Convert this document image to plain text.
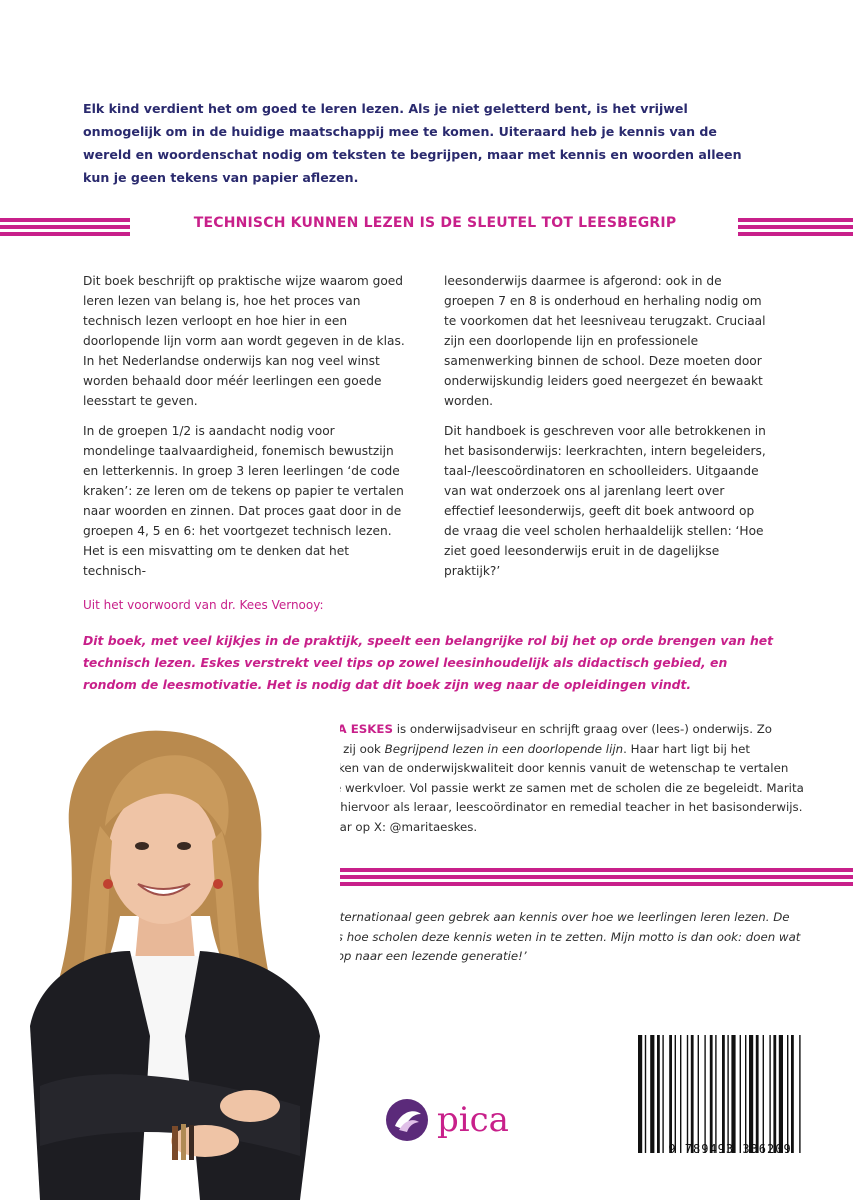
Elk kind verdient het om goed te leren lezen. Als je niet geletterd bent, is het vrijwel onmogelijk om in de huidige maatschappij mee te komen. Uiteraard heb je kennis van de wereld en woordenschat nodig om teksten te begrijpen, maar met kennis en woorden alleen kun je geen tekens van papier aflezen.

TECHNISCH KUNNEN LEZEN IS DE SLEUTEL TOT LEESBEGRIP

Dit boek beschrijft op praktische wijze waarom goed leren lezen van belang is, hoe het proces van technisch lezen verloopt en hoe hier in een doorlopende lijn vorm aan wordt gegeven in de klas. In het Nederlandse onderwijs kan nog veel winst worden behaald door méér leerlingen een goede leesstart te geven.

In de groepen 1/2 is aandacht nodig voor mondelinge taalvaardigheid, fonemisch bewustzijn en letterkennis. In groep 3 leren leerlingen ‘de code kraken’: ze leren om de tekens op papier te vertalen naar woorden en zinnen. Dat proces gaat door in de groepen 4, 5 en 6: het voortgezet technisch lezen. Het is een misvatting om te denken dat het technisch-

leesonderwijs daarmee is afgerond: ook in de groepen 7 en 8 is onderhoud en herhaling nodig om te voorkomen dat het leesniveau terugzakt. Cruciaal zijn een doorlopende lijn en professionele samenwerking binnen de school. Deze moeten door onderwijskundig leiders goed neergezet én bewaakt worden.

Dit handboek is geschreven voor alle betrokkenen in het basisonderwijs: leerkrachten, intern begeleiders, taal-/leescoördinatoren en schoolleiders. Uitgaande van wat onderzoek ons al jarenlang leert over effectief leesonderwijs, geeft dit boek antwoord op de vraag die veel scholen herhaaldelijk stellen: ‘Hoe ziet goed leesonderwijs eruit in de dagelijkse praktijk?’

Uit het voorwoord van dr. Kees Vernooy:

Dit boek, met veel kijkjes in de praktijk, speelt een belangrijke rol bij het op orde brengen van het technisch lezen. Eskes verstrekt veel tips op zowel leesinhoudelijk als didactisch gebied, en rondom de leesmotivatie. Het is nodig dat dit boek zijn weg naar de opleidingen vindt.

MARITA ESKES is onderwijsadviseur en schrijft graag over (lees-) onderwijs. Zo schreef zij ook Begrijpend lezen in een doorlopende lijn. Haar hart ligt bij het versterken van de onderwijskwaliteit door kennis vanuit de wetenschap te vertalen naar de werkvloer. Vol passie werkt ze samen met de scholen die ze begeleidt. Marita werkte hiervoor als leraar, leescoördinator en remedial teacher in het basisonderwijs. Volg haar op X: @maritaeskes.

‘Er is internationaal geen gebrek aan kennis over hoe we leerlingen leren lezen. De vraag is hoe scholen deze kennis weten in te zetten. Mijn motto is dan ook: doen wat werkt, op naar een lezende generatie!’

pica
9 789493 336209
